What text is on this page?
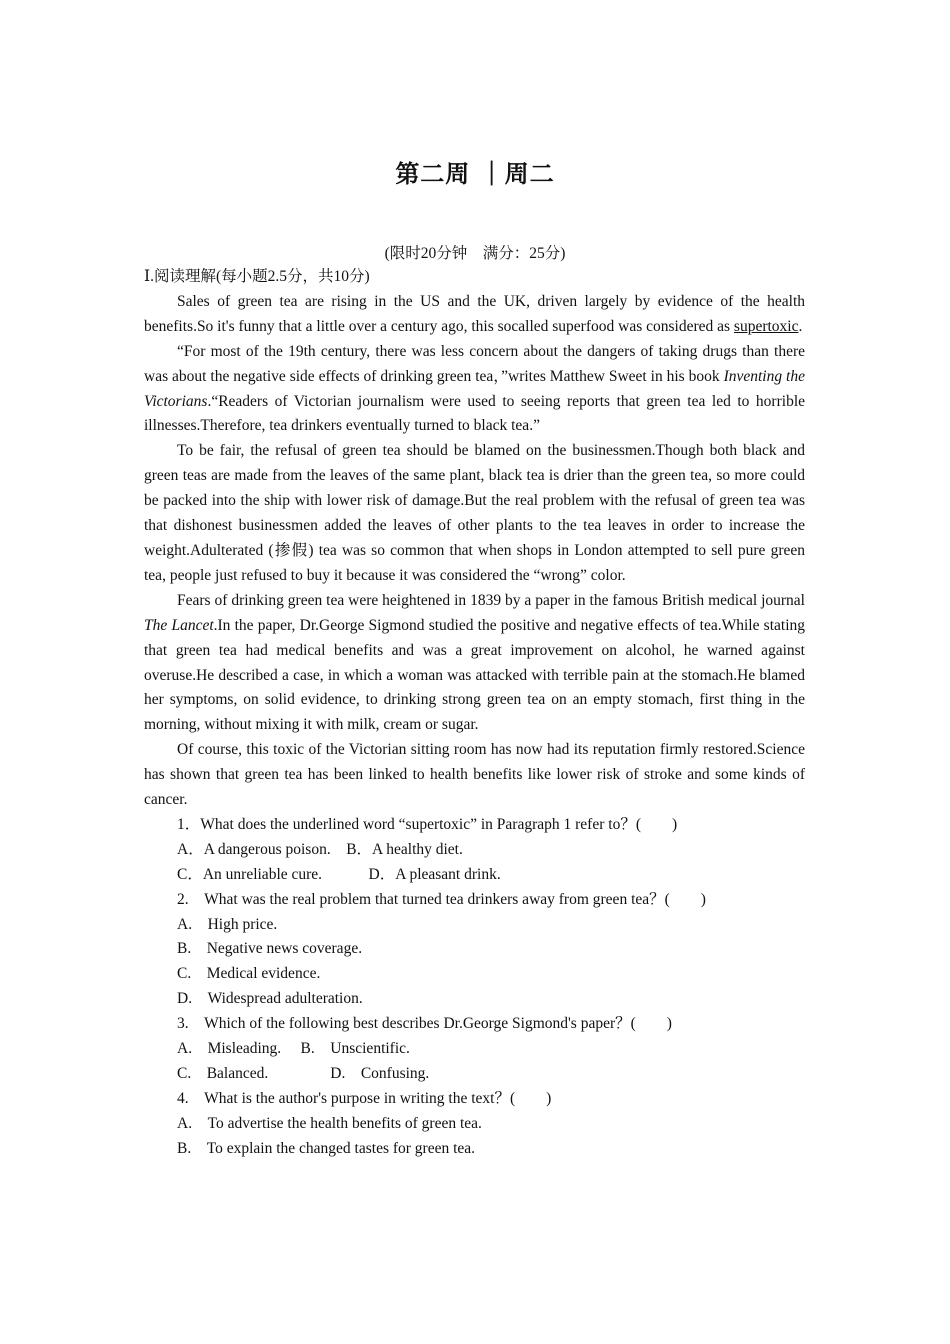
第二周 ｜周二
(限时20分钟　满分：25分)

Ⅰ.阅读理解(每小题2.5分，共10分)

Sales of green tea are rising in the US and the UK, driven largely by evidence of the health benefits.So it's funny that a little over a century ago, this socalled superfood was considered as supertoxic.

“For most of the 19th century, there was less concern about the dangers of taking drugs than there was about the negative side effects of drinking green tea，”writes Matthew Sweet in his book Inventing the Victorians.“Readers of Victorian journalism were used to seeing reports that green tea led to horrible illnesses.Therefore, tea drinkers eventually turned to black tea.”

To be fair, the refusal of green tea should be blamed on the businessmen.Though both black and green teas are made from the leaves of the same plant, black tea is drier than the green tea, so more could be packed into the ship with lower risk of damage.But the real problem with the refusal of green tea was that dishonest businessmen added the leaves of other plants to the tea leaves in order to increase the weight.Adulterated (掺假) tea was so common that when shops in London attempted to sell pure green tea, people just refused to buy it because it was considered the “wrong” color.

Fears of drinking green tea were heightened in 1839 by a paper in the famous British medical journal The Lancet.In the paper, Dr.George Sigmond studied the positive and negative effects of tea.While stating that green tea had medical benefits and was a great improvement on alcohol, he warned against overuse.He described a case, in which a woman was attacked with terrible pain at the stomach.He blamed her symptoms, on solid evidence, to drinking strong green tea on an empty stomach, first thing in the morning, without mixing it with milk, cream or sugar.

Of course, this toxic of the Victorian sitting room has now had its reputation firmly restored.Science has shown that green tea has been linked to health benefits like lower risk of stroke and some kinds of cancer.

1．What does the underlined word “supertoxic” in Paragraph 1 refer to？(　　)

A．A dangerous poison.　B．A healthy diet.

C．An unreliable cure.　　　D．A pleasant drink.

2.　What was the real problem that turned tea drinkers away from green tea？(　　)

A.　High price.

B.　Negative news coverage.

C.　Medical evidence.

D.　Widespread adulteration.

3.　Which of the following best describes Dr.George Sigmond's paper？(　　)

A.　Misleading.　 B.　Unscientific.

C.　Balanced.　　　　D.　Confusing.

4.　What is the author's purpose in writing the text？(　　)

A.　To advertise the health benefits of green tea.

B.　To explain the changed tastes for green tea.
